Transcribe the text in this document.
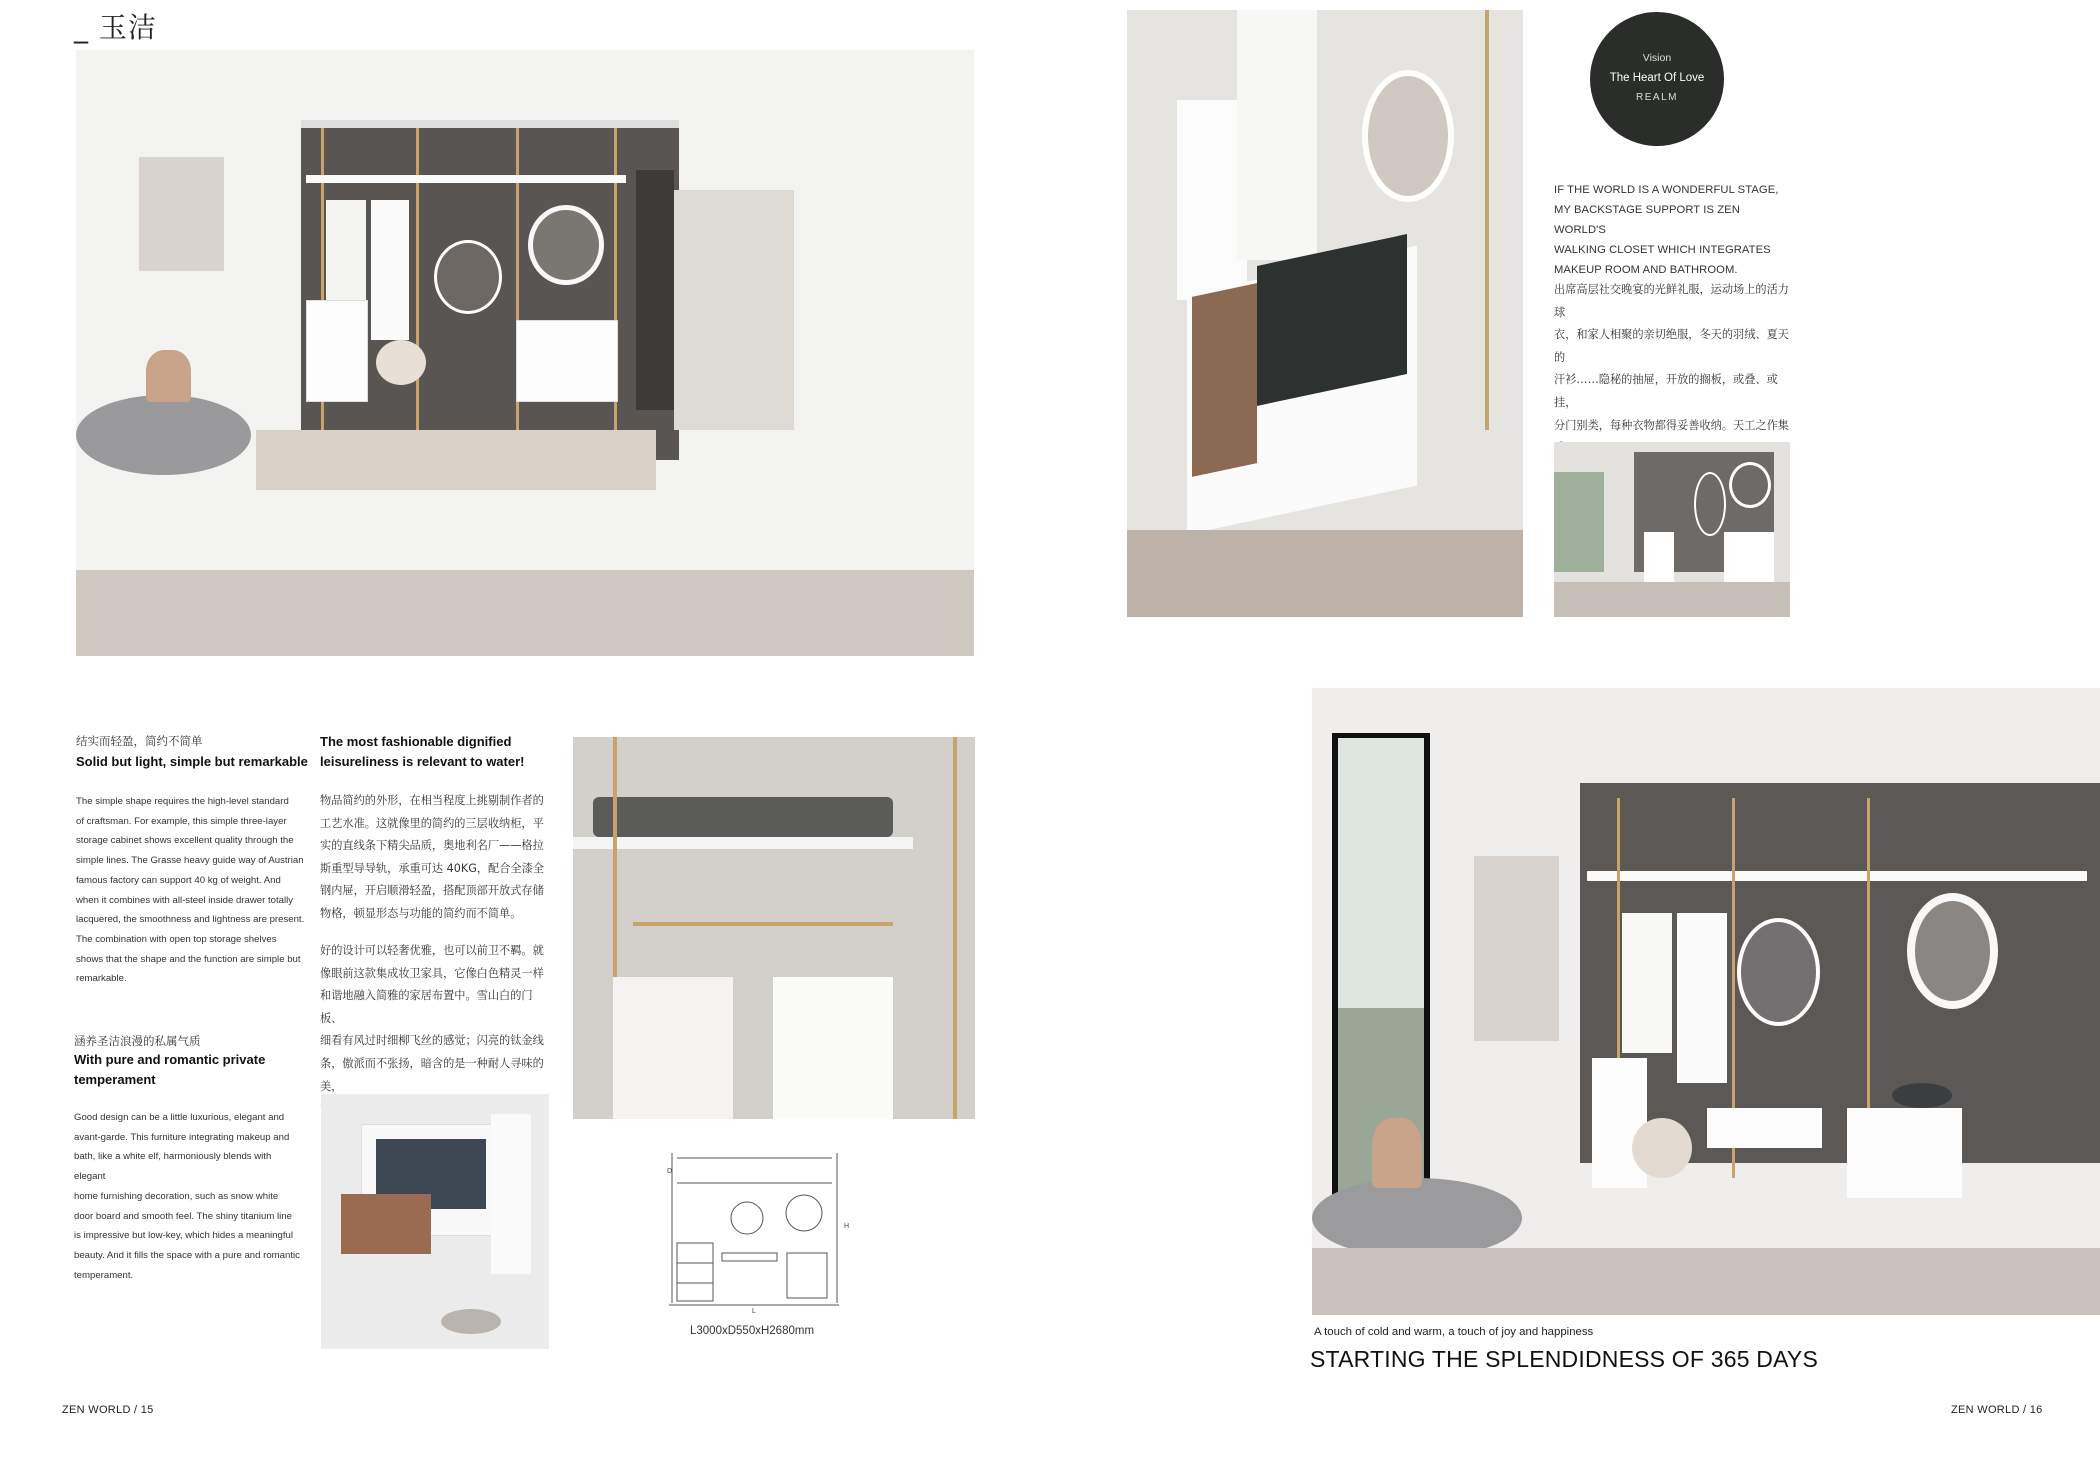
_ 玉洁
结实而轻盈，简约不简单
Solid but light, simple but remarkable
The simple shape requires the high-level standard
of craftsman. For example, this simple three-layer
storage cabinet shows excellent quality through the
simple lines. The Grasse heavy guide way of Austrian
famous factory can support 40 kg of weight. And
when it combines with all-steel inside drawer totally
lacquered, the smoothness and lightness are present.
The combination with open top storage shelves
shows that the shape and the function are simple but
remarkable.
涵养圣洁浪漫的私属气质
With pure and romantic private
temperament
Good design can be a little luxurious, elegant and
avant-garde. This furniture integrating makeup and
bath, like a white elf, harmoniously blends with elegant
home furnishing decoration, such as snow white
door board and smooth feel. The shiny titanium line
is impressive but low-key, which hides a meaningful
beauty. And it fills the space with a pure and romantic
temperament.
The most fashionable dignified
leisureliness is relevant to water!
物品简约的外形，在相当程度上挑剔制作者的
工艺水准。这就像里的简约的三层收纳柜，平
实的直线条下精尖品质，奥地利名厂——格拉
斯重型导导轨，承重可达 40KG，配合全漆全
钢内屉，开启顺滑轻盈，搭配顶部开放式存储
物格，顿显形态与功能的简约而不简单。
好的设计可以轻奢优雅，也可以前卫不羁。就
像眼前这款集成妆卫家具，它像白色精灵一样
和谐地融入简雅的家居布置中。雪山白的门板、
细看有风过时细柳飞丝的感觉；闪亮的钛金线
条，傲派而不张扬，暗含的是一种耐人寻味的美，
D
H
L
L3000xD550xH2680mm
ZEN WORLD / 15
Vision
The Heart Of Love
REALM
IF THE WORLD IS A WONDERFUL STAGE,
MY BACKSTAGE SUPPORT IS ZEN WORLD'S
WALKING CLOSET WHICH INTEGRATES
MAKEUP ROOM AND BATHROOM.
出席高层社交晚宴的光鲜礼服，运动场上的活力球
衣，和家人相聚的亲切绝服，冬天的羽绒、夏天的
汗衫……隐秘的抽屉，开放的搁板，或叠、或挂，
分门别类，每种衣物都得妥善收纳。天工之作集
A touch of cold and warm, a touch of joy and happiness
STARTING THE SPLENDIDNESS OF 365 DAYS
ZEN WORLD / 16
